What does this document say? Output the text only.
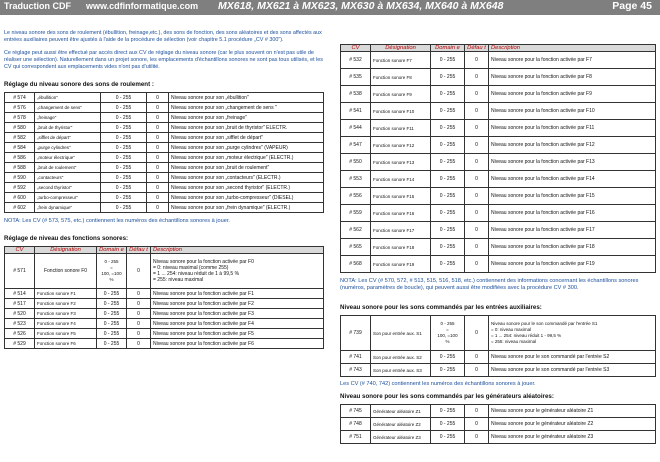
Traduction CDF www.cdfinformatique.com MX618, MX621 à MX623, MX630 à MX634, MX640 à MX648	Page 45

Le niveau sonore des sons de roulement (ébullition, freinage,etc.), des sons de fonction, des sons aléatoires et des sons affectés aux entrées auxiliaires peuvent être ajustés à l'aide de la procédure de sélection (voir chapitre 5.1 procédure „CV # 300").

Ce réglage peut aussi être effectué par accès direct aux CV de réglage du niveau sonore (car le plus souvent on n'est pas utile de réaliser une sélection). Naturellement dans un projet sonore, les emplacements d'échantillons sonores ne sont pas tous utilisés, et les CV qui correspondent aux emplacements vides n'ont pas d'utilité.

Réglage du niveau sonore des sons de roulement :
# 574	„ébullition"	0 - 255	0	Niveau sonore pour son „ébullition"
# 576	„changement de sens"	0 - 255	0	Niveau sonore pour son „changement de sens "
# 578	„freinage"	0 - 255	0	Niveau sonore pour son „freinage"
# 580	„bruit de thyristor"	0 - 255	0	Niveau sonore pour son „bruit de thyristor" ELECTR.
# 582	„sifflet de départ"	0 - 255	0	Niveau sonore pour son „sifflet de départ"
# 584	„purge cylindres"	0 - 255	0	Niveau sonore pour son „purge cylindres" (VAPEUR)
# 586	„moteur électrique"	0 - 255	0	Niveau sonore pour son „moteur électrique" (ELECTR.)
# 588	„bruit de roulement"	0 - 255	0	Niveau sonore pour son „bruit de roulement"
# 590	„contacteurs"	0 - 255	0	Niveau sonore pour son „contacteurs" (ELECTR.)
# 592	„second thyristor"	0 - 255	0	Niveau sonore pour son „second thyristor" (ELECTR.)
# 600	„turbo-compresseur"	0 - 255	0	Niveau sonore pour son „turbo-compresseur" (DIESEL)
# 602	„frein dynamique"	0 - 255	0	Niveau sonore pour son „frein dynamique" (ELECTR.)
NOTA: Les CV (# 573, 575, etc.) contiennent les numéros des échantillons sonores à jouer.
Réglage de niveau des fonctions sonores:
CV	Désignation	Domain e	Défau t	Description
# 571	Fonction sonore F0	0 - 255
=
100, =100
%	0	Niveau sonore pour la fonction activée par F0
= 0: niveau maximal (comme 255)
= 1 ... 254: niveau réduit de 1 à 99,5 %
= 255: niveau maximal
# 514	Fonction sonore F1	0 - 255	0	Niveau sonore pour la fonction activée par F1
# 517	Fonction sonore F2	0 - 255	0	Niveau sonore pour la fonction activée par F2
# 520	Fonction sonore F3	0 - 255	0	Niveau sonore pour la fonction activée par F3
# 523	Fonction sonore F4	0 - 255	0	Niveau sonore pour la fonction activée par F4
# 526	Fonction sonore F5	0 - 255	0	Niveau sonore pour la fonction activée par F5
# 529	Fonction sonore F6	0 - 255	0	Niveau sonore pour la fonction activée par F6
CV	Désignation	Domain e	Défau t	Description
# 532	Fonction sonore F7	0 - 255	0	Niveau sonore pour la fonction activée par F7
# 535	Fonction sonore F8	0 - 255	0	Niveau sonore pour la fonction activée par F8
# 538	Fonction sonore F9	0 - 255	0	Niveau sonore pour la fonction activée par F9
# 541	Fonction sonore F10	0 - 255	0	Niveau sonore pour la fonction activée par F10
# 544	Fonction sonore F11	0 - 255	0	Niveau sonore pour la fonction activée par F11
# 547	Fonction sonore F12	0 - 255	0	Niveau sonore pour la fonction activée par F12
# 550	Fonction sonore F13	0 - 255	0	Niveau sonore pour la fonction activée par F13
# 553	Fonction sonore F14	0 - 255	0	Niveau sonore pour la fonction activée par F14
# 556	Fonction sonore F15	0 - 255	0	Niveau sonore pour la fonction activée par F15
# 559	Fonction sonore F16	0 - 255	0	Niveau sonore pour la fonction activée par F16
# 562	Fonction sonore F17	0 - 255	0	Niveau sonore pour la fonction activée par F17
# 565	Fonction sonore F18	0 - 255	0	Niveau sonore pour la fonction activée par F18
# 568	Fonction sonore F19	0 - 255	0	Niveau sonore pour la fonction activée par F19
NOTA: Les CV (# 570, 572, # 513, 515, 516, 518, etc.) contiennent des informations concernant les échantillons sonores (numéros, paramètres de boucle), qui peuvent aussi être modifiées avec la procédure CV # 300.
Niveau sonore pour les sons commandés par les entrées auxiliaires:
# 739	Son pour entrée aux. S1	0 - 255
=
100, =100
%	0	Niveau sonore pour le son commandé par l'entrée S1
= 0: niveau maximal
= 1 ... 254: niveau réduit 1 - 99,5 %
= 255: niveau maximal
# 741	Son pour entrée aux. S2	0 - 255	0	Niveau sonore pour le son commandé par l'entrée S2
# 743	Son pour entrée aux. S3	0 - 255	0	Niveau sonore pour le son commandé par l'entrée S3
Les CV (# 740, 742) contiennent les numéros des échantillons sonores à jouer.
Niveau sonore pour les sons commandés par les générateurs aléatoires:
# 745	Générateur aléatoire Z1	0 - 255	0	Niveau sonore pour le générateur aléatoire Z1
# 748	Générateur aléatoire Z2	0 - 255	0	Niveau sonore pour le générateur aléatoire Z2
# 751	Générateur aléatoire Z3	0 - 255	0	Niveau sonore pour le générateur aléatoire Z3
